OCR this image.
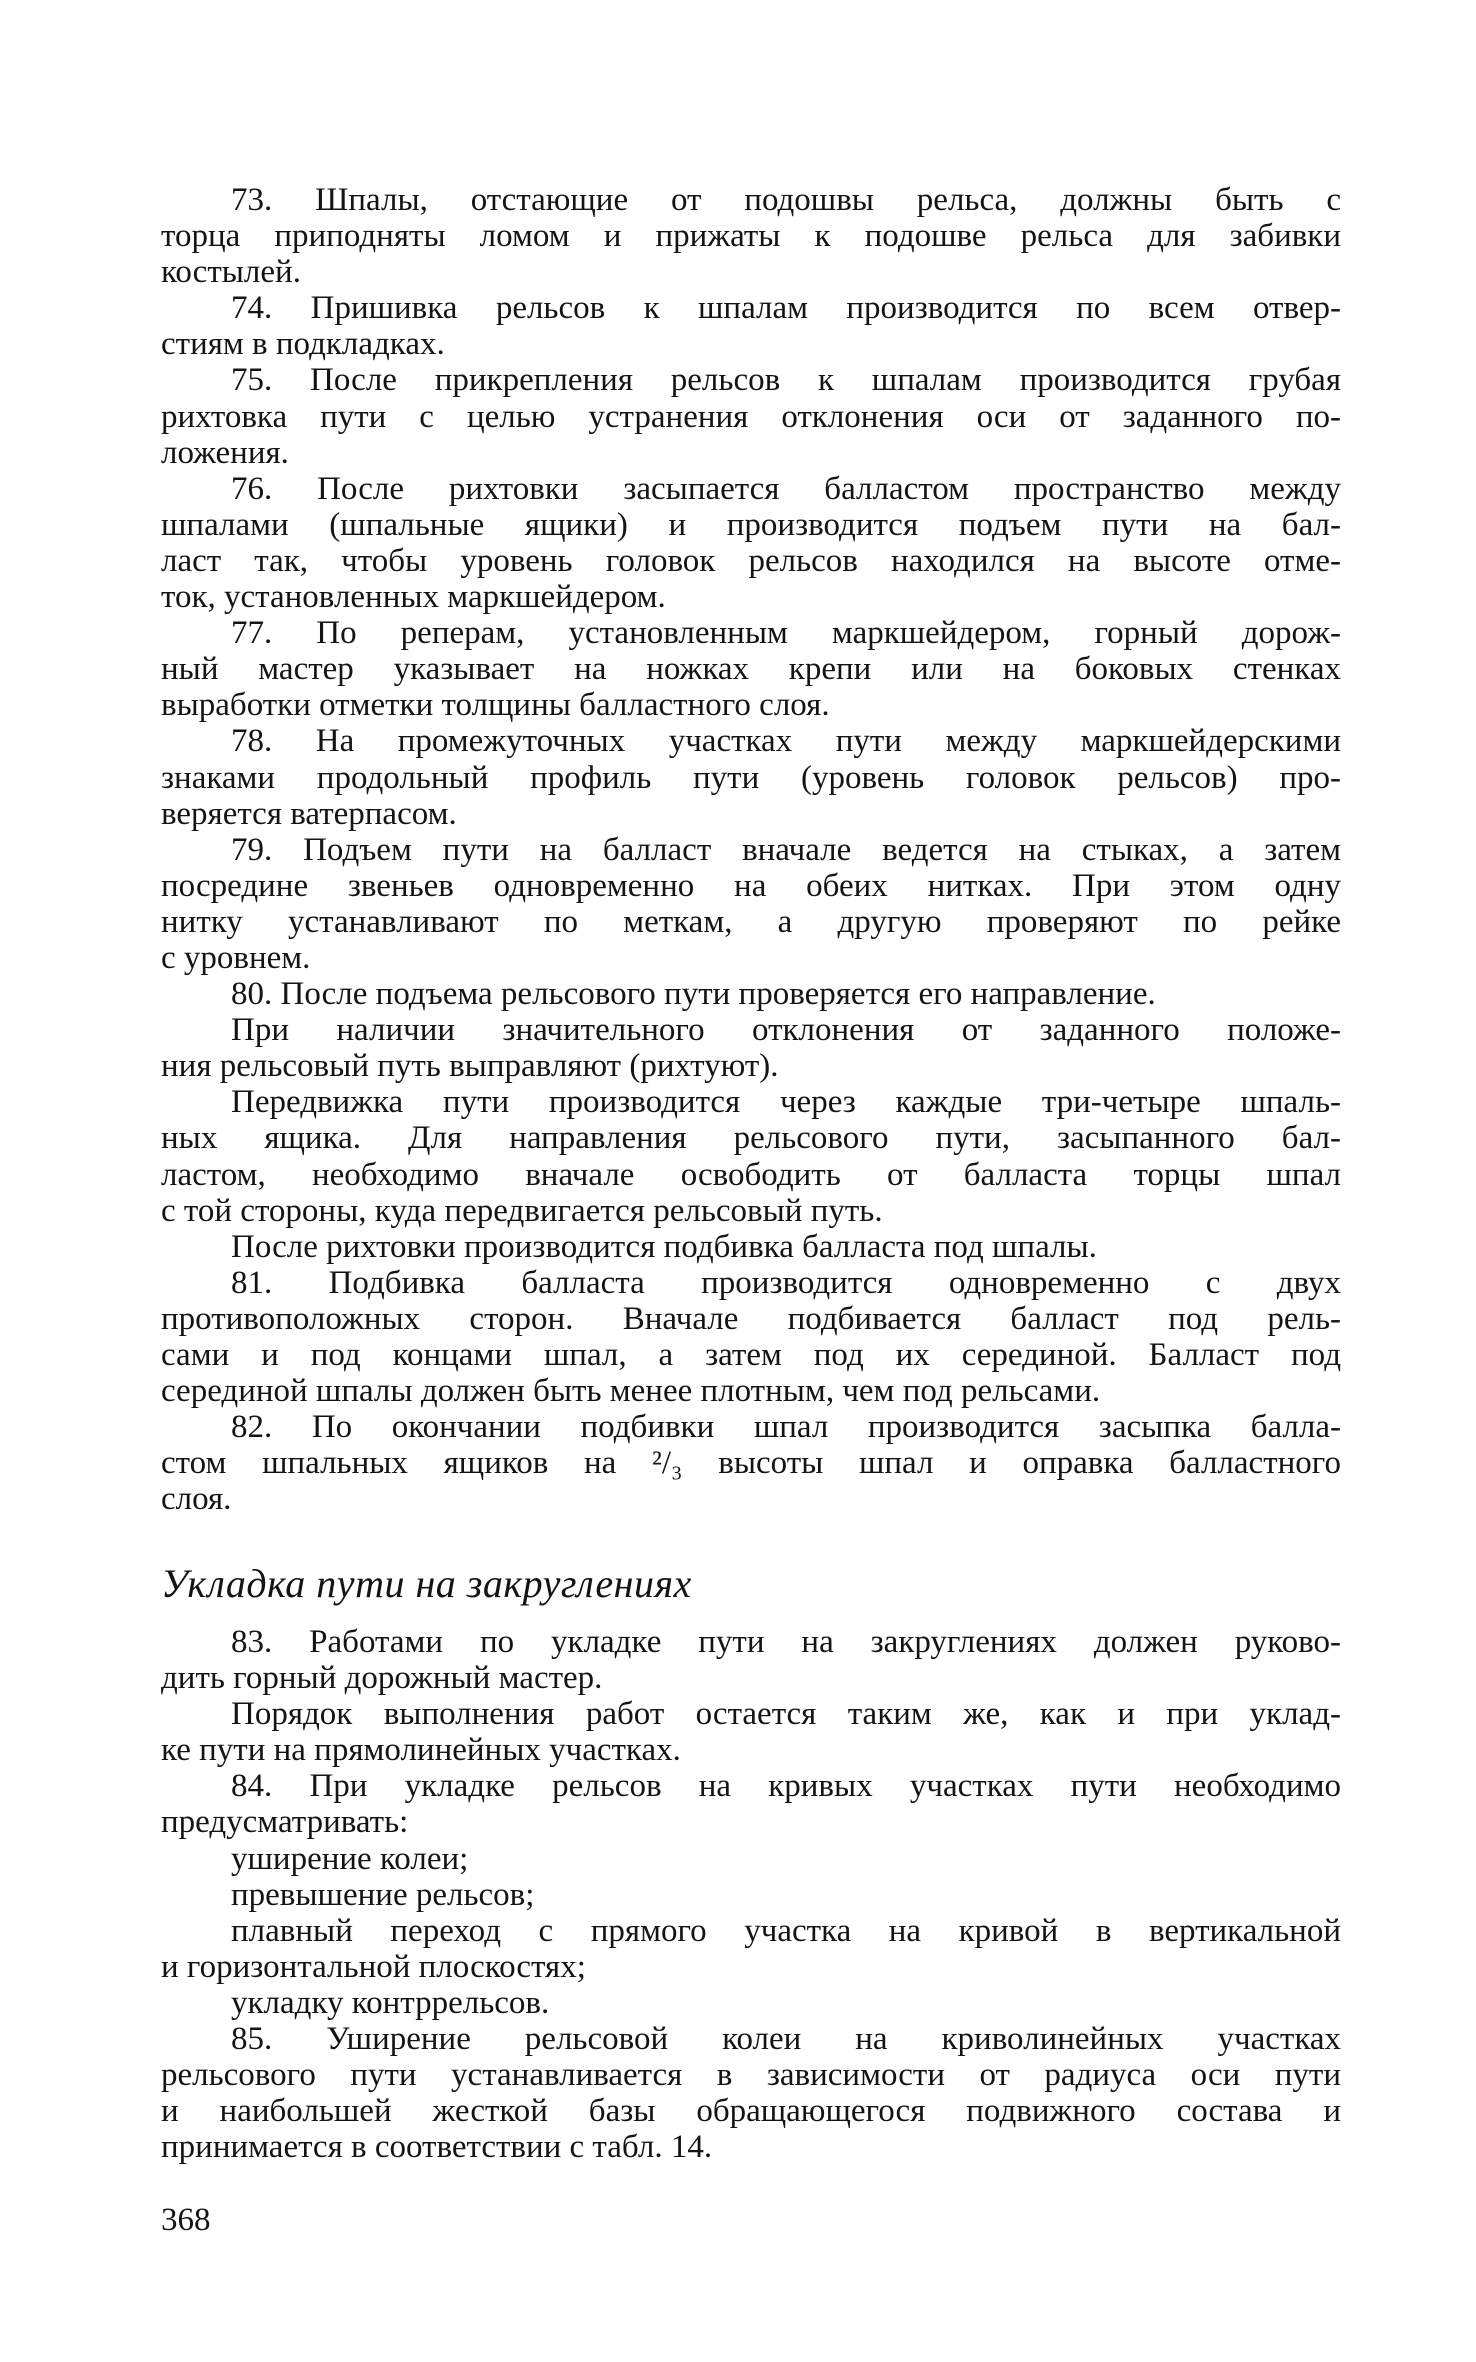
73. Шпалы, отстающие от подошвы рельса, должны быть с
торца приподняты ломом и прижаты к подошве рельса для забивки
костылей.
74. Пришивка рельсов к шпалам производится по всем отвер-
стиям в подкладках.
75. После прикрепления рельсов к шпалам производится грубая
рихтовка пути с целью устранения отклонения оси от заданного по-
ложения.
76. После рихтовки засыпается балластом пространство между
шпалами (шпальные ящики) и производится подъем пути на бал-
ласт так, чтобы уровень головок рельсов находился на высоте отме-
ток, установленных маркшейдером.
77. По реперам, установленным маркшейдером, горный дорож-
ный мастер указывает на ножках крепи или на боковых стенках
выработки отметки толщины балластного слоя.
78. На промежуточных участках пути между маркшейдерскими
знаками продольный профиль пути (уровень головок рельсов) про-
веряется ватерпасом.
79. Подъем пути на балласт вначале ведется на стыках, а затем
посредине звеньев одновременно на обеих нитках. При этом одну
нитку устанавливают по меткам, а другую проверяют по рейке
с уровнем.
80. После подъема рельсового пути проверяется его направление.
При наличии значительного отклонения от заданного положе-
ния рельсовый путь выправляют (рихтуют).
Передвижка пути производится через каждые три-четыре шпаль-
ных ящика. Для направления рельсового пути, засыпанного бал-
ластом, необходимо вначале освободить от балласта торцы шпал
с той стороны, куда передвигается рельсовый путь.
После рихтовки производится подбивка балласта под шпалы.
81. Подбивка балласта производится одновременно с двух
противоположных сторон. Вначале подбивается балласт под рель-
сами и под концами шпал, а затем под их серединой. Балласт под
серединой шпалы должен быть менее плотным, чем под рельсами.
82. По окончании подбивки шпал производится засыпка балла-
стом шпальных ящиков на ²/₃ высоты шпал и оправка балластного
слоя.
Укладка пути на закруглениях
83. Работами по укладке пути на закруглениях должен руково-
дить горный дорожный мастер.
Порядок выполнения работ остается таким же, как и при уклад-
ке пути на прямолинейных участках.
84. При укладке рельсов на кривых участках пути необходимо
предусматривать:
уширение колеи;
превышение рельсов;
плавный переход с прямого участка на кривой в вертикальной
и горизонтальной плоскостях;
укладку контррельсов.
85. Уширение рельсовой колеи на криволинейных участках
рельсового пути устанавливается в зависимости от радиуса оси пути
и наибольшей жесткой базы обращающегося подвижного состава и
принимается в соответствии с табл. 14.
368
